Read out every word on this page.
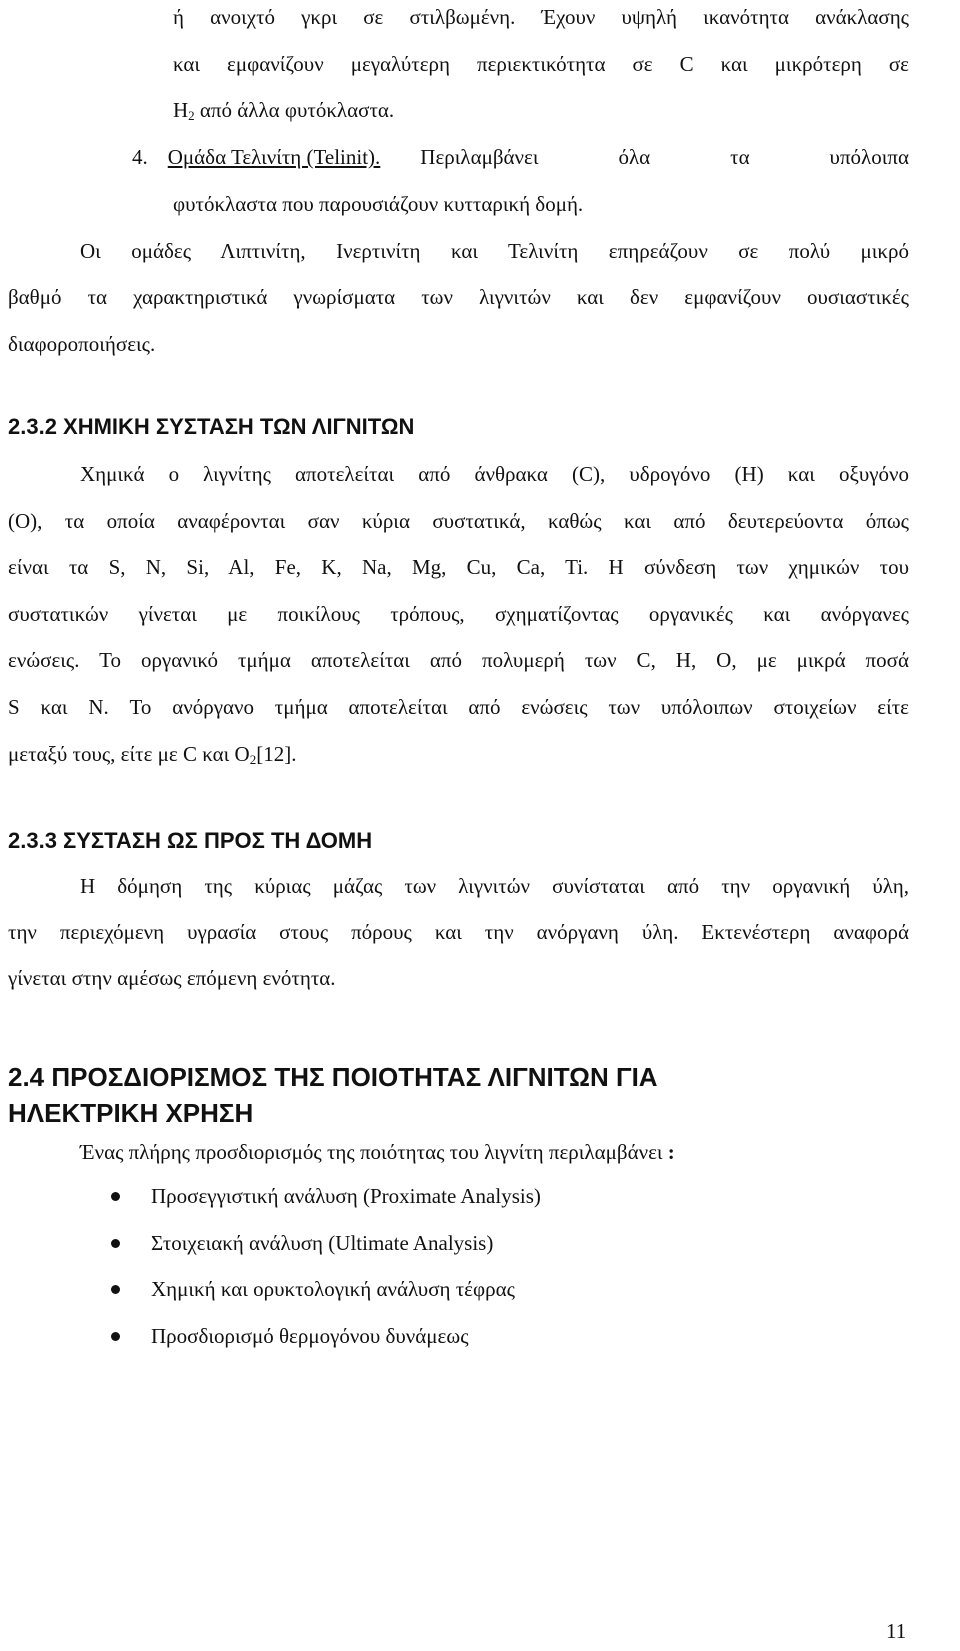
ή ανοιχτό γκρι σε στιλβωμένη. Έχουν υψηλή ικανότητα ανάκλασης

και εμφανίζουν μεγαλύτερη περιεκτικότητα σε C και μικρότερη σε

$H_2$ από άλλα φυτόκλαστα.

4. Ομάδα Τελινίτη (Telinit). Περιλαμβάνει όλα τα υπόλοιπα

φυτόκλαστα που παρουσιάζουν κυτταρική δομή.

Οι ομάδες Λιπτινίτη, Ινερτινίτη και Τελινίτη επηρεάζουν σε πολύ μικρό

βαθμό τα χαρακτηριστικά γνωρίσματα των λιγνιτών και δεν εμφανίζουν ουσιαστικές

διαφοροποιήσεις.

2.3.2 ΧΗΜΙΚΗ ΣΥΣΤΑΣΗ ΤΩΝ ΛΙΓΝΙΤΩΝ

Χημικά ο λιγνίτης αποτελείται από άνθρακα (C), υδρογόνο (H) και οξυγόνο

(O), τα οποία αναφέρονται σαν κύρια συστατικά, καθώς και από δευτερεύοντα όπως

είναι τα S, N, Si, Al, Fe, K, Na, Mg, Cu, Ca, Ti. Η σύνδεση των χημικών του

συστατικών γίνεται με ποικίλους τρόπους, σχηματίζοντας οργανικές και ανόργανες

ενώσεις. Το οργανικό τμήμα αποτελείται από πολυμερή των C, H, O, με μικρά ποσά

S και N. Το ανόργανο τμήμα αποτελείται από ενώσεις των υπόλοιπων στοιχείων είτε

μεταξύ τους, είτε με C και $O_2[12]$.

2.3.3 ΣΥΣΤΑΣΗ ΩΣ ΠΡΟΣ ΤΗ ΔΟΜΗ

Η δόμηση της κύριας μάζας των λιγνιτών συνίσταται από την οργανική ύλη,

την περιεχόμενη υγρασία στους πόρους και την ανόργανη ύλη. Εκτενέστερη αναφορά

γίνεται στην αμέσως επόμενη ενότητα.

2.4 ΠΡΟΣΔΙΟΡΙΣΜΟΣ ΤΗΣ ΠΟΙΟΤΗΤΑΣ ΛΙΓΝΙΤΩΝ ΓΙΑ
ΗΛΕΚΤΡΙΚΗ ΧΡΗΣΗ

Ένας πλήρης προσδιορισμός της ποιότητας του λιγνίτη περιλαμβάνει :

Προσεγγιστική ανάλυση (Proximate Analysis)

Στοιχειακή ανάλυση (Ultimate Analysis)

Χημική και ορυκτολογική ανάλυση τέφρας

Προσδιορισμό θερμογόνου δυνάμεως

11
